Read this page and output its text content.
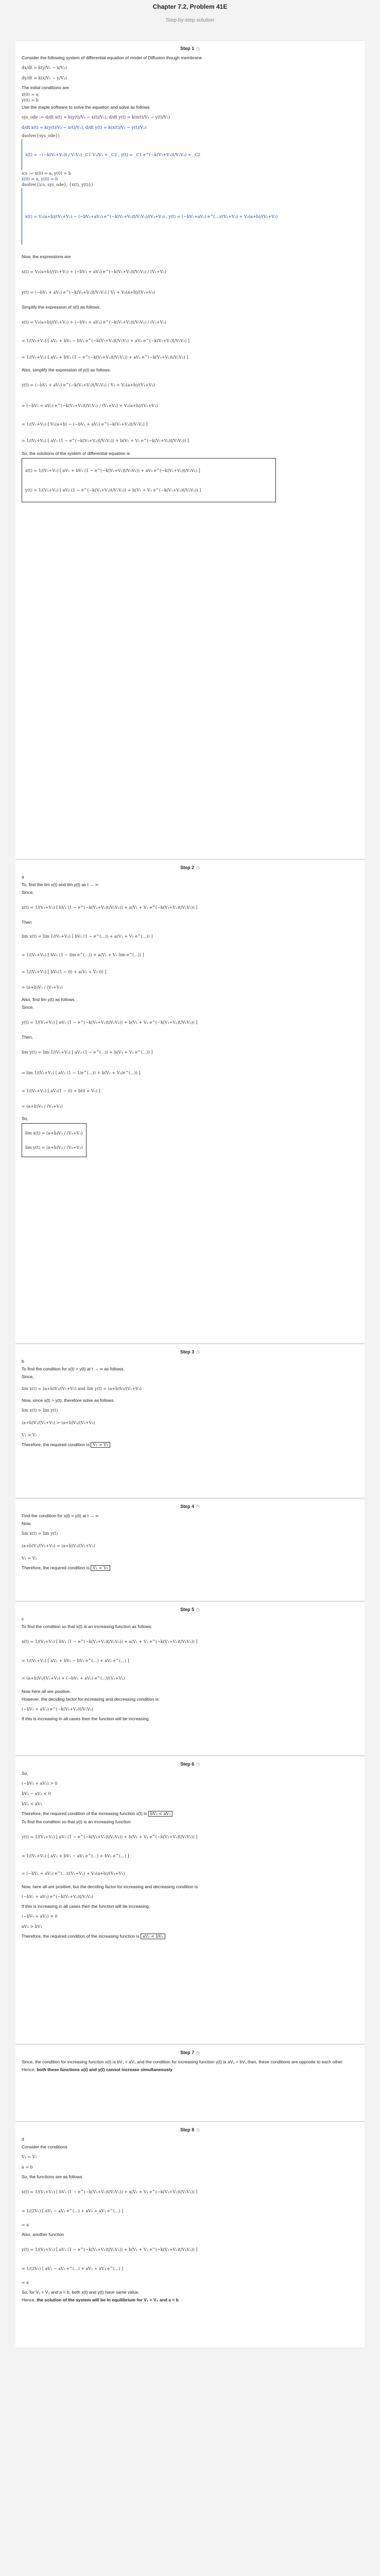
Chapter 7.2, Problem 41E
Step-by-step solution
Step 1 ◷
Consider the following system of differential equation of model of Diffusion though membrane
dx/dt = k(y/V₂ − x/V₁)
dy/dt = k(x/V₁ − y/V₂)
The initial conditions are
x(0) = a
y(0) = b
Use the maple software to solve the equation and solve as follows
sys_ode := d/dt x(t) = k(y(t)/V₂ − x(t)/V₁), d/dt y(t) = k(x(t)/V₁ − y(t)/V₂)
d/dt x(t) = k(y(t)/V₂ − x(t)/V₁), d/dt y(t) = k(x(t)/V₁ − y(t)/V₂)
dsolve({sys_ode})
x(t) = −(−k(V₁+V₂)t / V₁V₂) _C1 V₁/V₂ + _C2 , y(t) = _C1 e^(−k(V₁+V₂)t/V₁V₂) + _C2
ics := x(0) = a, y(0) = b
x(0) = a, y(0) = b
dsolve({ics, sys_ode}, {x(t), y(t)})
x(t) = V₁(a+b)/(V₁+V₂) − (−bV₁+aV₂) e^(−k(V₁+V₂)t/V₁V₂)/(V₁+V₂) , y(t) = (−bV₁+aV₂) e^(...)/(V₁+V₂) + V₂(a+b)/(V₁+V₂)
Now, the expressions are
x(t) = V₁(a+b)/(V₁+V₂) + (−bV₁ + aV₂) e^(−k(V₁+V₂)t/V₁V₂) / (V₁+V₂)
y(t) = (−bV₁ + aV₂) e^(−k(V₁+V₂)t/V₁V₂) / V₁ + V₂(a+b)/(V₁+V₂)
Simplify the expression of x(t) as follows:
x(t) = V₁(a+b)/(V₁+V₂) + (−bV₁ + aV₂) e^(−k(V₁+V₂)t/V₁V₂) / (V₁+V₂)
= 1/(V₁+V₂) [ aV₁ + bV₁ − bV₁ e^(−k(V₁+V₂)t/V₁V₂) + aV₂ e^(−k(V₁+V₂)t/V₁V₂) ]
= 1/(V₁+V₂) [ aV₁ + bV₁ (1 − e^(−k(V₁+V₂)t/V₁V₂)) + aV₂ e^(−k(V₁+V₂)t/V₁V₂) ]
Also, simplify the expression of y(t) as follows:
y(t) = (−bV₁ + aV₂) e^(−k(V₁+V₂)t/V₁V₂) / V₁ + V₂(a+b)/(V₁+V₂)
= (−bV₁ + aV₂) e^(−k(V₁+V₂)t/V₁V₂) / (V₁+V₂) + V₂(a+b)/(V₁+V₂)
= 1/(V₁+V₂) [ V₂(a+b) − (−bV₁ + aV₂) e^(−k(V₁+V₂)t/V₁V₂) ]
= 1/(V₁+V₂) [ aV₂ (1 − e^(−k(V₁+V₂)t/V₁V₂)) + b(V₁ + V₂ e^(−k(V₁+V₂)t/V₁V₂)) ]
So, the solutions of the system of differential equation is
x(t) = 1/(V₁+V₂) [ aV₁ + bV₁ (1 − e^(−k(V₁+V₂)t/V₁V₂)) + aV₂ e^(−k(V₁+V₂)t/V₁V₂) ]
y(t) = 1/(V₁+V₂) [ aV₂ (1 − e^(−k(V₁+V₂)t/V₁V₂)) + b(V₁ + V₂ e^(−k(V₁+V₂)t/V₁V₂)) ]
Step 2 ◷
a
To, find the lim x(t) and lim y(t) as t → ∞
Since,
x(t) = 1/(V₁+V₂) [ bV₁ (1 − e^(−k(V₁+V₂)t/V₁V₂)) + a(V₁ + V₂ e^(−k(V₁+V₂)t/V₁V₂)) ]
Then
lim x(t) = lim 1/(V₁+V₂) [ bV₁ (1 − e^(...)) + a(V₁ + V₂ e^(...)) ]
= 1/(V₁+V₂) [ bV₁ (1 − lim e^(...)) + a(V₁ + V₂ lim e^(...)) ]
= 1/(V₁+V₂) [ bV₁(1 − 0) + a(V₁ + V₂·0) ]
= (a+b)V₁ / (V₁+V₂)
Also, find lim y(t) as follows
Since,
y(t) = 1/(V₁+V₂) [ aV₂ (1 − e^(−k(V₁+V₂)t/V₁V₂)) + b(V₁ + V₂ e^(−k(V₁+V₂)t/V₁V₂)) ]
Then,
lim y(t) = lim 1/(V₁+V₂) [ aV₂ (1 − e^(...)) + b(V₁ + V₂ e^(...)) ]
= lim 1/(V₁+V₂) [ aV₂ (1 − 1/e^(...)) + b(V₁ + V₂/e^(...)) ]
= 1/(V₁+V₂) [ aV₂(1 − 0) + b(0 + V₂) ]
= (a+b)V₂ / (V₁+V₂)
So,
lim x(t) = (a+b)V₁ / (V₁+V₂)
lim y(t) = (a+b)V₂ / (V₁+V₂)
Step 3 ◷
b
To find the condition for x(t) > y(t) at t → ∞ as follows.
Since,
lim x(t) = (a+b)V₁/(V₁+V₂) and lim y(t) = (a+b)V₂/(V₁+V₂)
Now, since x(t) > y(t), therefore solve as follows
lim x(t) > lim y(t)
(a+b)V₁/(V₁+V₂) > (a+b)V₂/(V₁+V₂)
V₁ > V₂
Therefore, the required condition is V₁ > V₂
Step 4 ◷
Find the condition for x(t) = y(t) at t → ∞
Now,
lim x(t) = lim y(t)
(a+b)V₁/(V₁+V₂) = (a+b)V₂/(V₁+V₂)
V₁ = V₂
Therefore, the required condition is V₁ = V₂
Step 5 ◷
c
To find the condition so that x(t) is an increasing function as follows:
x(t) = 1/(V₁+V₂) [ bV₁ (1 − e^(−k(V₁+V₂)t/V₁V₂)) + a(V₁ + V₂ e^(−k(V₁+V₂)t/V₁V₂)) ]
= 1/(V₁+V₂) [ aV₁ + bV₁ − bV₁ e^(...) + aV₂ e^(...) ]
= (a+b)V₁/(V₁+V₂) + (−bV₁ + aV₂) e^(...)/(V₁+V₂)
Now here all are positive.
However, the deciding factor for increasing and decreasing condition is
(−bV₁ + aV₂) e^(−k(V₁+V₂)t/V₁V₂)
If this is increasing in all cases then the function will be increasing.
Step 6 ◷
So,
(−bV₁ + aV₂) > 0
bV₁ − aV₂ < 0
bV₁ < aV₂
Therefore, the required condition of the increasing function x(t) is bV₁ < aV₂
To find the condition so that y(t) is an increasing function
y(t) = 1/(V₁+V₂) [ aV₂ (1 − e^(−k(V₁+V₂)t/V₁V₂)) + b(V₁ + V₂ e^(−k(V₁+V₂)t/V₁V₂)) ]
= 1/(V₁+V₂) [ aV₂ + bV₁ − aV₂ e^(...) + bV₁ e^(...) ]
= (−bV₁ + aV₂) e^(...)/(V₁+V₂) + V₂(a+b)/(V₁+V₂)
Now, here all are positive, but the deciding factor for increasing and decreasing condition is
(−bV₁ + aV₂) e^(−k(V₁+V₂)t/V₁V₂)
If this is increasing in all cases then the function will be increasing.
(−bV₁ + aV₂) > 0
aV₂ > bV₁
Therefore, the required condition of the increasing function is aV₂ < bV₁
Step 7 ◷
Since, the condition for increasing function x(t) is bV₁ < aV₂ and the condition for increasing function y(t) is aV₂ < bV₁ then, these conditions are opposite to each other.
Hence, both these functions x(t) and y(t) cannot increase simultaneously
Step 8 ◷
d
Consider the conditions
V₁ = V₂
a = b
So, the functions are as follows
x(t) = 1/(V₁+V₂) [ bV₁ (1 − e^(−k(V₁+V₂)t/V₁V₂)) + a(V₁ + V₂ e^(−k(V₁+V₂)t/V₁V₂)) ]
= 1/(2V₁) [ aV₁ − aV₁ e^(...) + aV₁ + aV₁ e^(...) ]
= a
Also, another function
y(t) = 1/(V₁+V₂) [ aV₂ (1 − e^(−k(V₁+V₂)t/V₁V₂)) + b(V₁ + V₂ e^(−k(V₁+V₂)t/V₁V₂)) ]
= 1/(2V₁) [ aV₁ − aV₁ e^(...) + aV₁ + aV₁ e^(...) ]
= a
So, for V₁ = V₂ and a = b, both x(t) and y(t) have same value.
Hence, the solution of the system will be in equilibrium for V₁ = V₂ and a = b
